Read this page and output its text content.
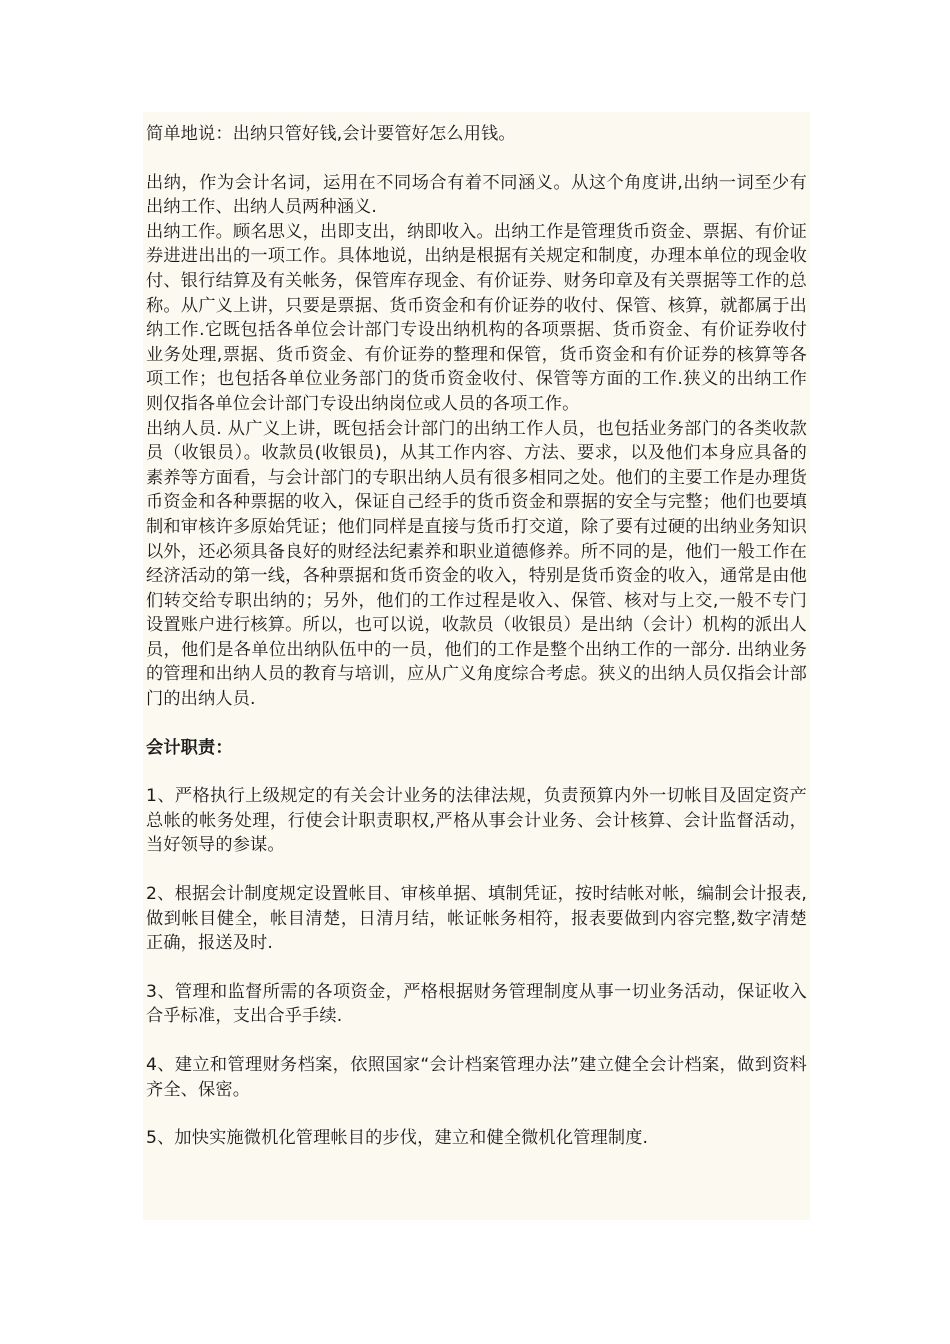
简单地说：出纳只管好钱,会计要管好怎么用钱。

出纳，作为会计名词，运用在不同场合有着不同涵义。从这个角度讲,出纳一词至少有出纳工作、出纳人员两种涵义.

出纳工作。顾名思义，出即支出，纳即收入。出纳工作是管理货币资金、票据、有价证券进进出出的一项工作。具体地说，出纳是根据有关规定和制度，办理本单位的现金收付、银行结算及有关帐务，保管库存现金、有价证券、财务印章及有关票据等工作的总称。从广义上讲，只要是票据、货币资金和有价证券的收付、保管、核算，就都属于出纳工作.它既包括各单位会计部门专设出纳机构的各项票据、货币资金、有价证券收付业务处理,票据、货币资金、有价证券的整理和保管，货币资金和有价证券的核算等各项工作；也包括各单位业务部门的货币资金收付、保管等方面的工作.狭义的出纳工作则仅指各单位会计部门专设出纳岗位或人员的各项工作。

出纳人员. 从广义上讲，既包括会计部门的出纳工作人员，也包括业务部门的各类收款员（收银员）。收款员(收银员)，从其工作内容、方法、要求，以及他们本身应具备的素养等方面看，与会计部门的专职出纳人员有很多相同之处。他们的主要工作是办理货币资金和各种票据的收入，保证自己经手的货币资金和票据的安全与完整；他们也要填制和审核许多原始凭证；他们同样是直接与货币打交道，除了要有过硬的出纳业务知识以外，还必须具备良好的财经法纪素养和职业道德修养。所不同的是，他们一般工作在经济活动的第一线，各种票据和货币资金的收入，特别是货币资金的收入，通常是由他们转交给专职出纳的；另外，他们的工作过程是收入、保管、核对与上交,一般不专门设置账户进行核算。所以，也可以说，收款员（收银员）是出纳（会计）机构的派出人员，他们是各单位出纳队伍中的一员，他们的工作是整个出纳工作的一部分. 出纳业务的管理和出纳人员的教育与培训，应从广义角度综合考虑。狭义的出纳人员仅指会计部门的出纳人员.

会计职责：

1、严格执行上级规定的有关会计业务的法律法规，负责预算内外一切帐目及固定资产总帐的帐务处理，行使会计职责职权,严格从事会计业务、会计核算、会计监督活动，当好领导的参谋。

2、根据会计制度规定设置帐目、审核单据、填制凭证，按时结帐对帐，编制会计报表,做到帐目健全，帐目清楚，日清月结，帐证帐务相符，报表要做到内容完整,数字清楚正确，报送及时.

3、管理和监督所需的各项资金，严格根据财务管理制度从事一切业务活动，保证收入合乎标准，支出合乎手续.

4、建立和管理财务档案，依照国家“会计档案管理办法”建立健全会计档案，做到资料齐全、保密。

5、加快实施微机化管理帐目的步伐，建立和健全微机化管理制度.
